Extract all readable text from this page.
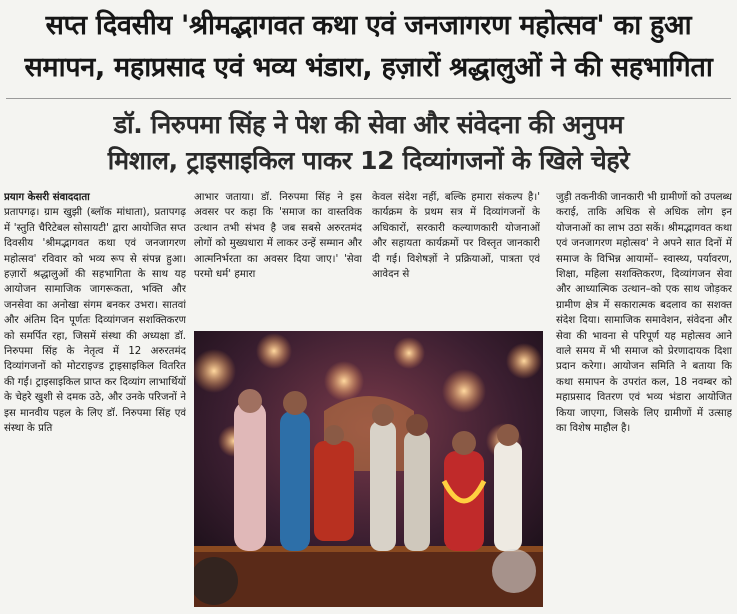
सप्त दिवसीय 'श्रीमद्भागवत कथा एवं जनजागरण महोत्सव' का हुआ
समापन, महाप्रसाद एवं भव्य भंडारा, हज़ारों श्रद्धालुओं ने की सहभागिता
डॉ. निरुपमा सिंह ने पेश की सेवा और संवेदना की अनुपम
मिशाल, ट्राइसाइकिल पाकर 12 दिव्यांगजनों के खिले चेहरे

प्रयाग केसरी संवाददाता

प्रतापगढ़। ग्राम खुझी (ब्लॉक मांधाता), प्रतापगढ़ में 'स्तुति चैरिटेबल सोसायटी' द्वारा आयोजित सप्त दिवसीय 'श्रीमद्भागवत कथा एवं जनजागरण महोत्सव' रविवार को भव्य रूप से संपन्न हुआ। हज़ारों श्रद्धालुओं की सहभागिता के साथ यह आयोजन सामाजिक जागरूकता, भक्ति और जनसेवा का अनोखा संगम बनकर उभरा। सातवां और अंतिम दिन पूर्णतः दिव्यांगजन सशक्तिकरण को समर्पित रहा, जिसमें संस्था की अध्यक्षा डॉ. निरुपमा सिंह के नेतृत्व में 12 अरुरतमंद दिव्यांगजनों को मोटराइज्ड ट्राइसाइकिल वितरित की गईं। ट्राइसाइकिल प्राप्त कर दिव्यांग लाभार्थियों के चेहरे खुशी से दमक उठे, और उनके परिजनों ने इस मानवीय पहल के लिए डॉ. निरुपमा सिंह एवं संस्था के प्रति

आभार जताया। डॉ. निरुपमा सिंह ने इस अवसर पर कहा कि 'समाज का वास्तविक उत्थान तभी संभव है जब सबसे अरुरतमंद लोगों को मुख्यधारा में लाकर उन्हें सम्मान और आत्मनिर्भरता का अवसर दिया जाए।' 'सेवा परमो धर्म' हमारा

केवल संदेश नहीं, बल्कि हमारा संकल्प है।' कार्यक्रम के प्रथम सत्र में दिव्यांगजनों के अधिकारों, सरकारी कल्याणकारी योजनाओं और सहायता कार्यक्रमों पर विस्तृत जानकारी दी गई। विशेषज्ञों ने प्रक्रियाओं, पात्रता एवं आवेदन से

जुड़ी तकनीकी जानकारी भी ग्रामीणों को उपलब्ध कराई, ताकि अधिक से अधिक लोग इन योजनाओं का लाभ उठा सकें। श्रीमद्भागवत कथा एवं जनजागरण महोत्सव' ने अपने सात दिनों में समाज के विभिन्न आयामों– स्वास्थ्य, पर्यावरण, शिक्षा, महिला सशक्तिकरण, दिव्यांगजन सेवा और आध्यात्मिक उत्थान–को एक साथ जोड़कर ग्रामीण क्षेत्र में सकारात्मक बदलाव का सशक्त संदेश दिया। सामाजिक समावेशन, संवेदना और सेवा की भावना से परिपूर्ण यह महोत्सव आने वाले समय में भी समाज को प्रेरणादायक दिशा प्रदान करेगा। आयोजन समिति ने बताया कि कथा समापन के उपरांत कल, 18 नवम्बर को महाप्रसाद वितरण एवं भव्य भंडारा आयोजित किया जाएगा, जिसके लिए ग्रामीणों में उत्साह का विशेष माहौल है।
